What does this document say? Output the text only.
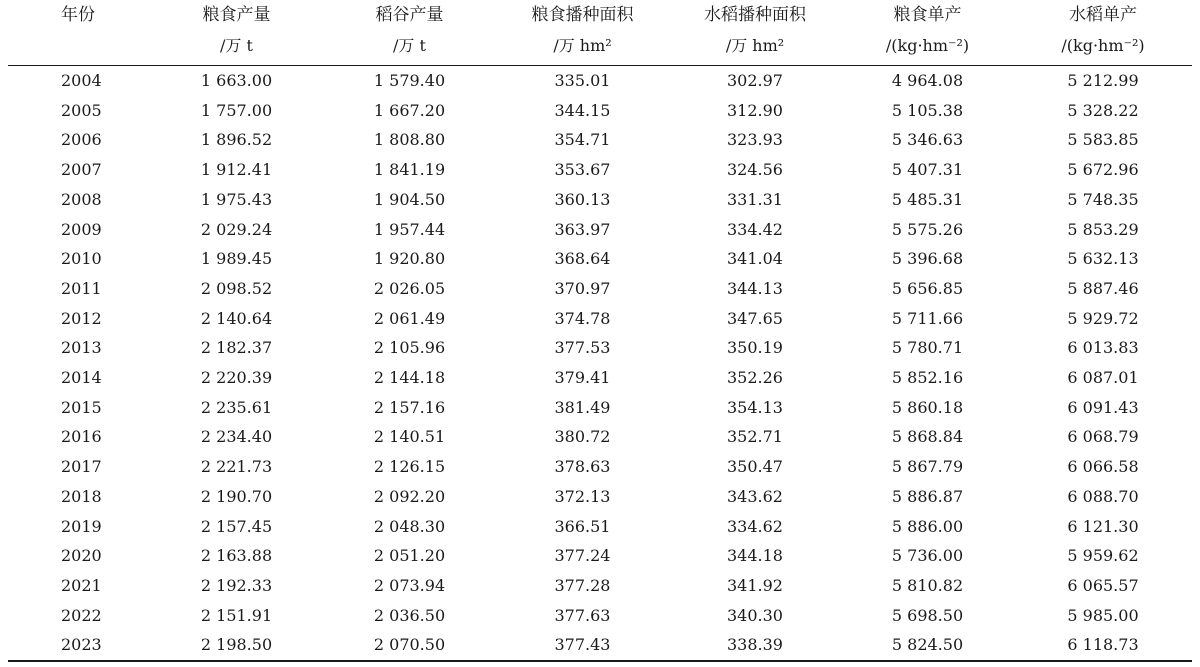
年份	粮食产量	稻谷产量	粮食播种面积	水稻播种面积	粮食单产	水稻单产
	/万 t	/万 t	/万 hm²	/万 hm²	/(kg·hm⁻²)	/(kg·hm⁻²)
2004	1 663.00	1 579.40	335.01	302.97	4 964.08	5 212.99
2005	1 757.00	1 667.20	344.15	312.90	5 105.38	5 328.22
2006	1 896.52	1 808.80	354.71	323.93	5 346.63	5 583.85
2007	1 912.41	1 841.19	353.67	324.56	5 407.31	5 672.96
2008	1 975.43	1 904.50	360.13	331.31	5 485.31	5 748.35
2009	2 029.24	1 957.44	363.97	334.42	5 575.26	5 853.29
2010	1 989.45	1 920.80	368.64	341.04	5 396.68	5 632.13
2011	2 098.52	2 026.05	370.97	344.13	5 656.85	5 887.46
2012	2 140.64	2 061.49	374.78	347.65	5 711.66	5 929.72
2013	2 182.37	2 105.96	377.53	350.19	5 780.71	6 013.83
2014	2 220.39	2 144.18	379.41	352.26	5 852.16	6 087.01
2015	2 235.61	2 157.16	381.49	354.13	5 860.18	6 091.43
2016	2 234.40	2 140.51	380.72	352.71	5 868.84	6 068.79
2017	2 221.73	2 126.15	378.63	350.47	5 867.79	6 066.58
2018	2 190.70	2 092.20	372.13	343.62	5 886.87	6 088.70
2019	2 157.45	2 048.30	366.51	334.62	5 886.00	6 121.30
2020	2 163.88	2 051.20	377.24	344.18	5 736.00	5 959.62
2021	2 192.33	2 073.94	377.28	341.92	5 810.82	6 065.57
2022	2 151.91	2 036.50	377.63	340.30	5 698.50	5 985.00
2023	2 198.50	2 070.50	377.43	338.39	5 824.50	6 118.73
